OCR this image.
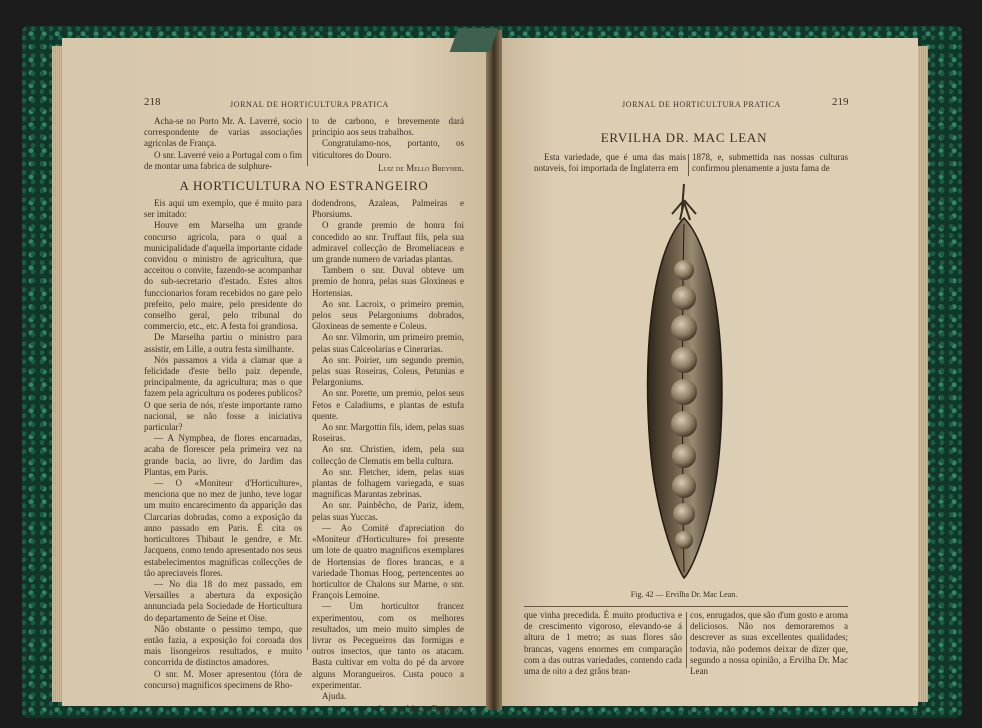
218	JORNAL DE HORTICULTURA PRATICA

Acha-se no Porto Mr. A. Laverré, socio correspondente de varias associações agricolas de França.

O snr. Laverré veio a Portugal com o fim de montar uma fabrica de sulphure-

to de carbono, e brevemente dará principio aos seus trabalhos.

Congratulamo-nos, portanto, os viticultores do Douro.

Luiz de Mello Breyner.
A HORTICULTURA NO ESTRANGEIRO

Eis aqui um exemplo, que é muito para ser imitado:

Houve em Marselha um grande concurso agricola, para o qual a municipalidade d'aquella importante cidade convidou o ministro de agricultura, que acceitou o convite, fazendo-se acompanhar do sub-secretario d'estado. Estes altos funccionarios foram recebidos no gare pelo prefeito, pelo maire, pelo presidente do conselho geral, pelo tribunal do commercio, etc., etc. A festa foi grandiosa.

De Marselha partiu o ministro para assistir, em Lille, a outra festa similhante.

Nós passamos a vida a clamar que a felicidade d'este bello paiz depende, principalmente, da agricultura; mas o que fazem pela agricultura os poderes publicos? O que seria de nós, n'este importante ramo nacional, se não fosse a iniciativa particular?

— A Nymphea, de flores encarnadas, acaba de florescer pela primeira vez na grande bacia, ao livre, do Jardim das Plantas, em Paris.

— O «Moniteur d'Horticulture», menciona que no mez de junho, teve logar um muito encarecimento da apparição das Clarcarias dobradas, como a exposição da anno passado em Paris. É cita os horticultores Thibaut le gendre, e Mr. Jacquens, como tendo apresentado nos seus estabelecimentos magnificas collecções de tão apreciaveis flores.

— No dia 18 do mez passado, em Versailles a abertura da exposição annunciada pela Sociedade de Horticultura do departamento de Seine et Oise.

Não obstante o pessimo tempo, que então fazia, a exposição foi coroada dos mais lisongeiros resultados, e muito concorrida de distinctos amadores.

O snr. M. Moser apresentou (fóra de concurso) magnificos specimens de Rho-

dodendrons, Azaleas, Palmeiras e Phorsiums.

O grande premio de honra foi concedido ao snr. Truffaut fils, pela sua admiravel collecção de Bromeliaceas e um grande numero de variadas plantas.

Tambem o snr. Duval obteve um premio de honra, pelas suas Gloxineas e Hortensias.

Ao snr. Lacroix, o primeiro premio, pelos seus Pelargoniums dobrados, Gloxineas de semente e Coleus.

Ao snr. Vilmorin, um primeiro premio, pelas suas Calceolarias e Cinerarias.

Ao snr. Poirier, um segundo premio, pelas suas Roseiras, Coleus, Petunias e Pelargoniums.

Ao snr. Porette, um premio, pelos seus Fetos e Caladiums, e plantas de estufa quente.

Ao snr. Margottin fils, idem, pelas suas Roseiras.

Ao snr. Christien, idem, pela sua collecção de Clematis em bella cultura.

Ao snr. Fletcher, idem, pelas suas plantas de folhagem variegada, e suas magnificas Marantas zebrinas.

Ao snr. Painbêcho, de Pariz, idem, pelas suas Yuccas.

— Ao Comité d'apreciation do «Moniteur d'Horticulture» foi presente um lote de quatro magnificos exemplares de Hortensias de flores brancas, e a variedade Thomas Hoog, pertencentes ao horticultor de Chalons sur Marne, o snr. François Lemoine.

— Um horticultor francez experimentou, com os melhores resultados, um meio muito simples de livrar os Pecegueiros das formigas e outros insectos, que tanto os atacam. Basta cultivar em volta do pé da arvore alguns Morangueiros. Custa pouco a experimentar.

Ajuda.

Luiz de Mello Breyner.
JORNAL DE HORTICULTURA PRATICA	219
ERVILHA DR. MAC LEAN

Esta variedade, que é uma das mais notaveis, foi importada de Inglaterra em

1878, e, submettida nas nossas culturas confirmou plenamente a justa fama de

Fig. 42 — Ervilha Dr. Mac Lean.

que vinha precedida. É muito productiva e de crescimento vigoroso, elevando-se á altura de 1 metro; as suas flores são brancas, vagens enormes em comparação com a das outras variedades, contendo cada uma de oito a dez grãos bran-

cos, enrugados, que são d'um gosto e aroma deliciosos. Não nos demoraremos a descrever as suas excellentes qualidades; todavia, não podemos deixar de dizer que, segundo a nossa opinião, a Ervilha Dr. Mac Lean
